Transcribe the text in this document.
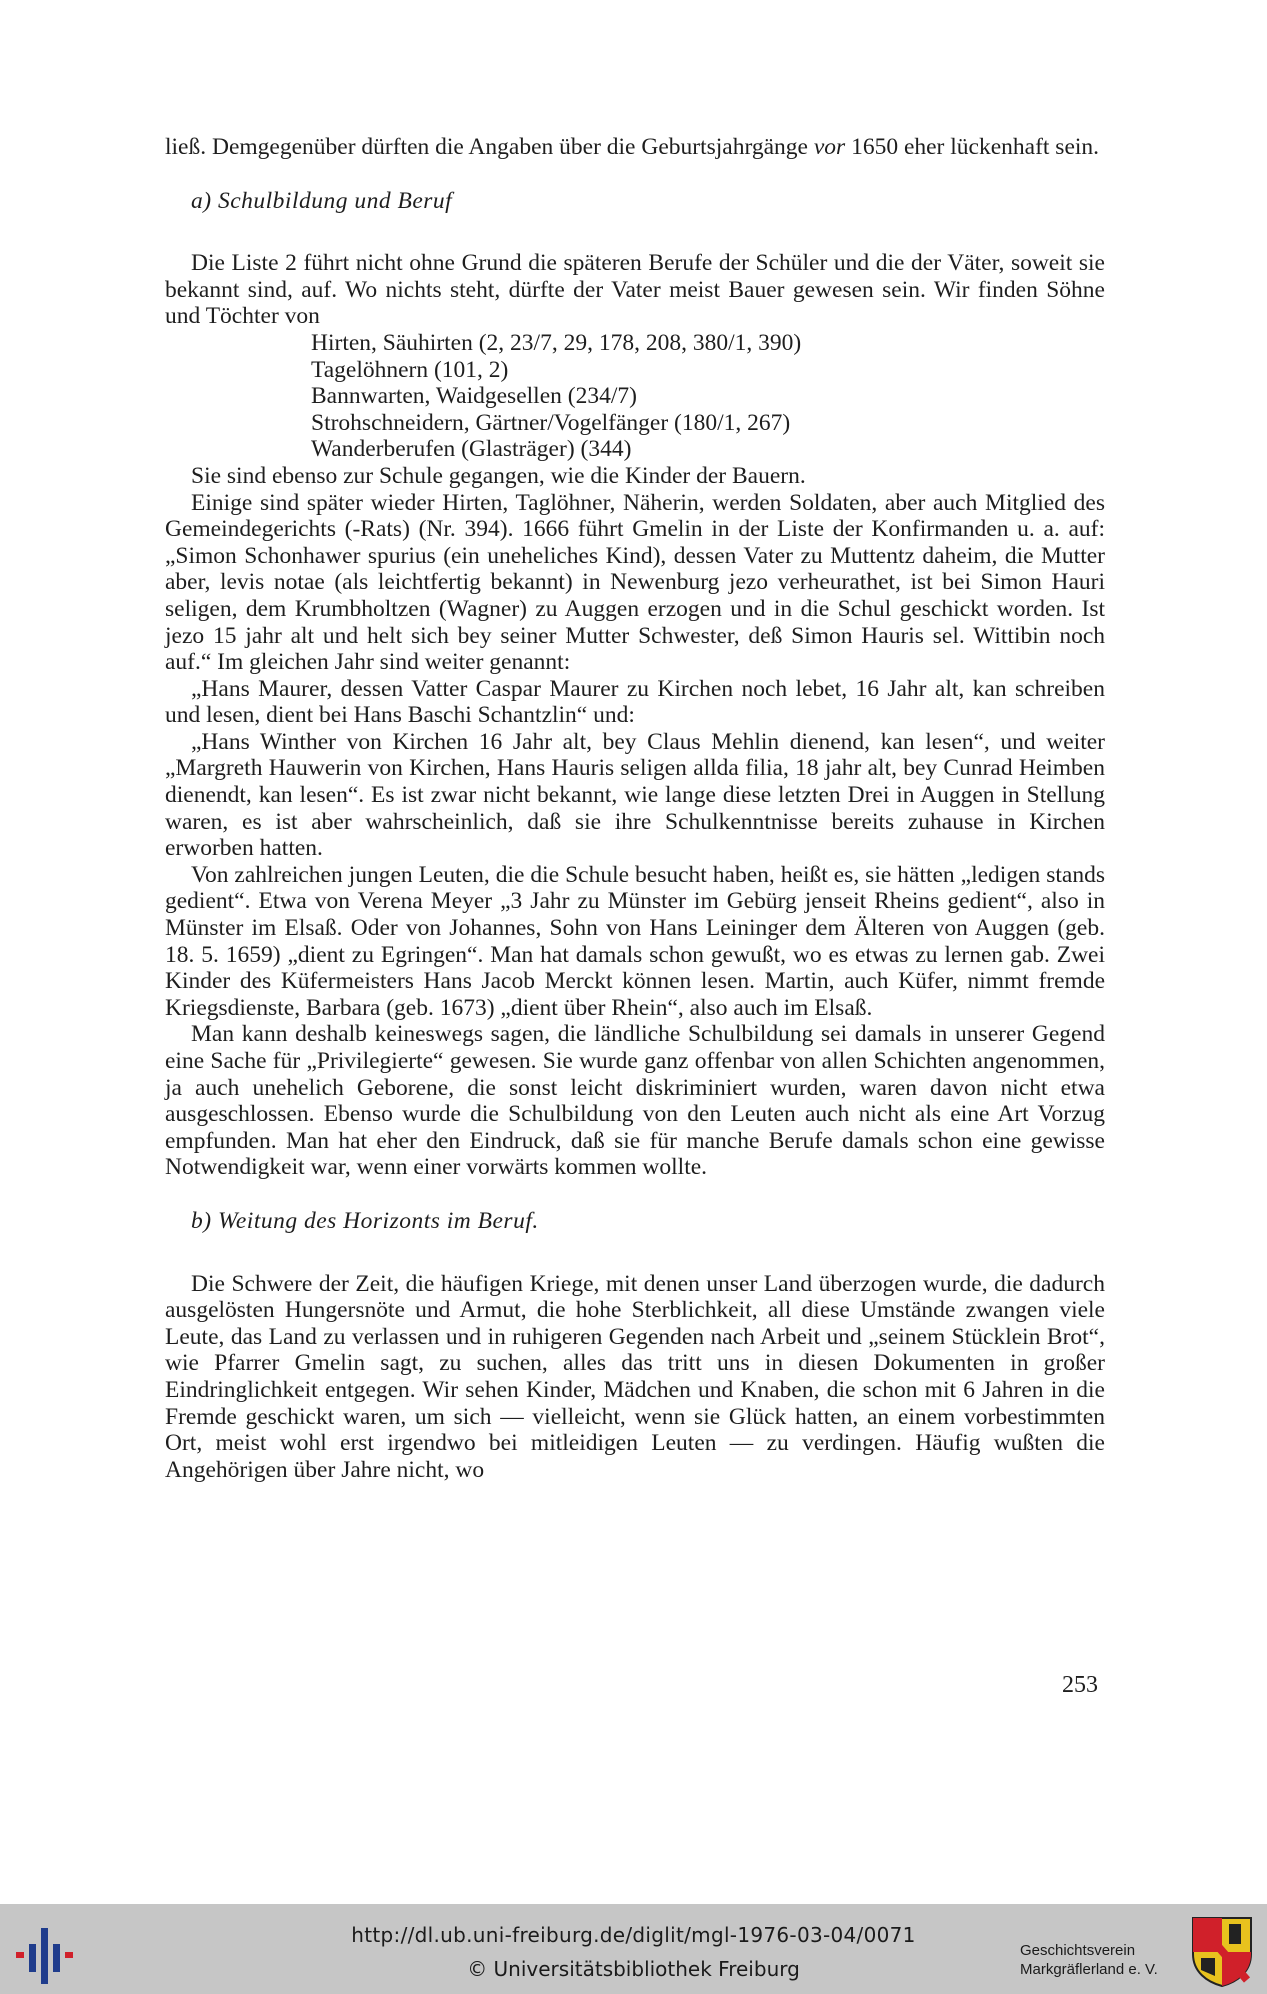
ließ. Demgegenüber dürften die Angaben über die Geburtsjahrgänge vor 1650 eher lückenhaft sein.

a) Schulbildung und Beruf

Die Liste 2 führt nicht ohne Grund die späteren Berufe der Schüler und die der Väter, soweit sie bekannt sind, auf. Wo nichts steht, dürfte der Vater meist Bauer gewesen sein. Wir finden Söhne und Töchter von

Hirten, Säuhirten (2, 23/7, 29, 178, 208, 380/1, 390)
Tagelöhnern (101, 2)
Bannwarten, Waidgesellen (234/7)
Strohschneidern, Gärtner/Vogelfänger (180/1, 267)
Wanderberufen (Glasträger) (344)

Sie sind ebenso zur Schule gegangen, wie die Kinder der Bauern.

Einige sind später wieder Hirten, Taglöhner, Näherin, werden Soldaten, aber auch Mitglied des Gemeindegerichts (-Rats) (Nr. 394). 1666 führt Gmelin in der Liste der Konfirmanden u. a. auf: „Simon Schonhawer spurius (ein uneheliches Kind), dessen Vater zu Muttentz daheim, die Mutter aber, levis notae (als leichtfertig bekannt) in Newenburg jezo verheurathet, ist bei Simon Hauri seligen, dem Krumbholtzen (Wagner) zu Auggen erzogen und in die Schul geschickt worden. Ist jezo 15 jahr alt und helt sich bey seiner Mutter Schwester, deß Simon Hauris sel. Wittibin noch auf.“ Im gleichen Jahr sind weiter genannt:

„Hans Maurer, dessen Vatter Caspar Maurer zu Kirchen noch lebet, 16 Jahr alt, kan schreiben und lesen, dient bei Hans Baschi Schantzlin“ und:

„Hans Winther von Kirchen 16 Jahr alt, bey Claus Mehlin dienend, kan lesen“, und weiter „Margreth Hauwerin von Kirchen, Hans Hauris seligen allda filia, 18 jahr alt, bey Cunrad Heimben dienendt, kan lesen“. Es ist zwar nicht bekannt, wie lange diese letzten Drei in Auggen in Stellung waren, es ist aber wahrscheinlich, daß sie ihre Schulkenntnisse bereits zuhause in Kirchen erworben hatten.

Von zahlreichen jungen Leuten, die die Schule besucht haben, heißt es, sie hätten „ledigen stands gedient“. Etwa von Verena Meyer „3 Jahr zu Münster im Gebürg jenseit Rheins gedient“, also in Münster im Elsaß. Oder von Johannes, Sohn von Hans Leininger dem Älteren von Auggen (geb. 18. 5. 1659) „dient zu Egringen“. Man hat damals schon gewußt, wo es etwas zu lernen gab. Zwei Kinder des Küfermeisters Hans Jacob Merckt können lesen. Martin, auch Küfer, nimmt fremde Kriegsdienste, Barbara (geb. 1673) „dient über Rhein“, also auch im Elsaß.

Man kann deshalb keineswegs sagen, die ländliche Schulbildung sei damals in unserer Gegend eine Sache für „Privilegierte“ gewesen. Sie wurde ganz offenbar von allen Schichten angenommen, ja auch unehelich Geborene, die sonst leicht diskriminiert wurden, waren davon nicht etwa ausgeschlossen. Ebenso wurde die Schulbildung von den Leuten auch nicht als eine Art Vorzug empfunden. Man hat eher den Eindruck, daß sie für manche Berufe damals schon eine gewisse Notwendigkeit war, wenn einer vorwärts kommen wollte.

b) Weitung des Horizonts im Beruf.

Die Schwere der Zeit, die häufigen Kriege, mit denen unser Land überzogen wurde, die dadurch ausgelösten Hungersnöte und Armut, die hohe Sterblichkeit, all diese Umstände zwangen viele Leute, das Land zu verlassen und in ruhigeren Gegenden nach Arbeit und „seinem Stücklein Brot“, wie Pfarrer Gmelin sagt, zu suchen, alles das tritt uns in diesen Dokumenten in großer Eindringlichkeit entgegen. Wir sehen Kinder, Mädchen und Knaben, die schon mit 6 Jahren in die Fremde geschickt waren, um sich — vielleicht, wenn sie Glück hatten, an einem vorbestimmten Ort, meist wohl erst irgendwo bei mitleidigen Leuten — zu verdingen. Häufig wußten die Angehörigen über Jahre nicht, wo

253
http://dl.ub.uni-freiburg.de/diglit/mgl-1976-03-04/0071
© Universitätsbibliothek Freiburg
Geschichtsverein
Markgräflerland e. V.
